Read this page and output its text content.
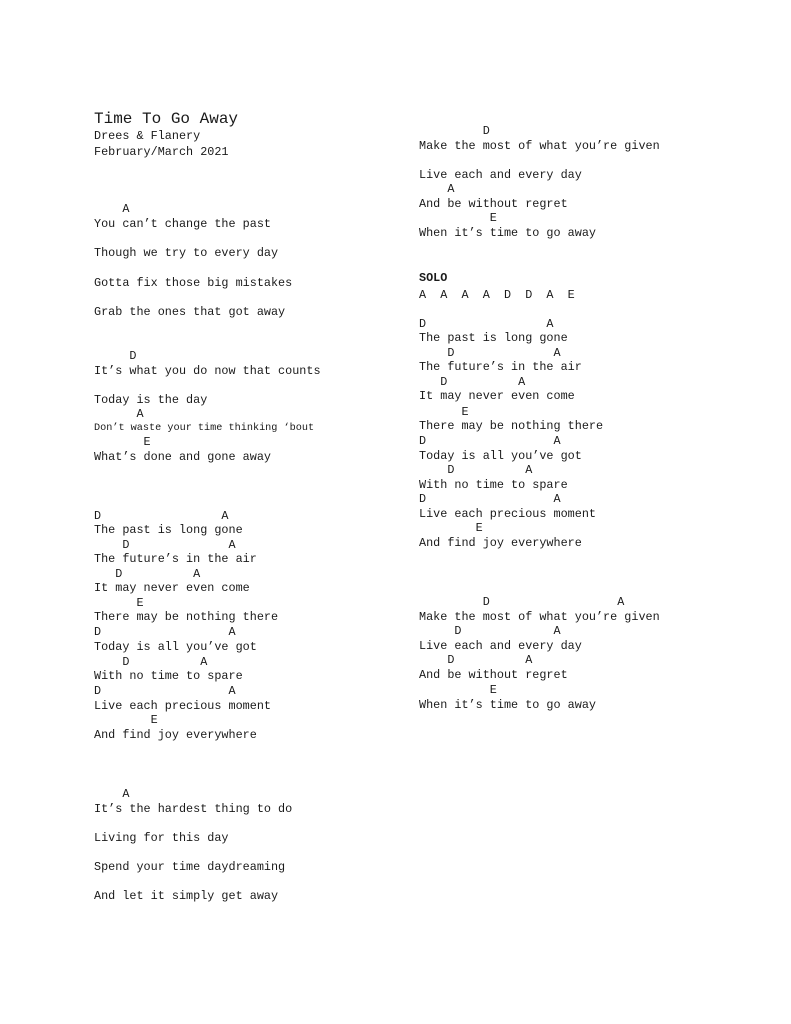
Time To Go Away
Drees & Flanery
February/March 2021
A
You can’t change the past
Though we try to every day
Gotta fix those big mistakes
Grab the ones that got away
D
It’s what you do now that counts
Today is the day
A
Don’t waste your time thinking ‘bout
E
What’s done and gone away
D                 A
The past is long gone
D              A
The future’s in the air
D          A
It may never even come
E
There may be nothing there
D                  A
Today is all you’ve got
D          A
With no time to spare
D                  A
Live each precious moment
E
And find joy everywhere
A
It’s the hardest thing to do
Living for this day
Spend your time daydreaming
And let it simply get away
D
Make the most of what you’re given
Live each and every day
A
And be without regret
E
When it’s time to go away
SOLO
A  A  A  A  D  D  A  E
D                 A
The past is long gone
D              A
The future’s in the air
D          A
It may never even come
E
There may be nothing there
D                  A
Today is all you’ve got
D          A
With no time to spare
D                  A
Live each precious moment
E
And find joy everywhere
D                  A
Make the most of what you’re given
D             A
Live each and every day
D          A
And be without regret
E
When it’s time to go away
